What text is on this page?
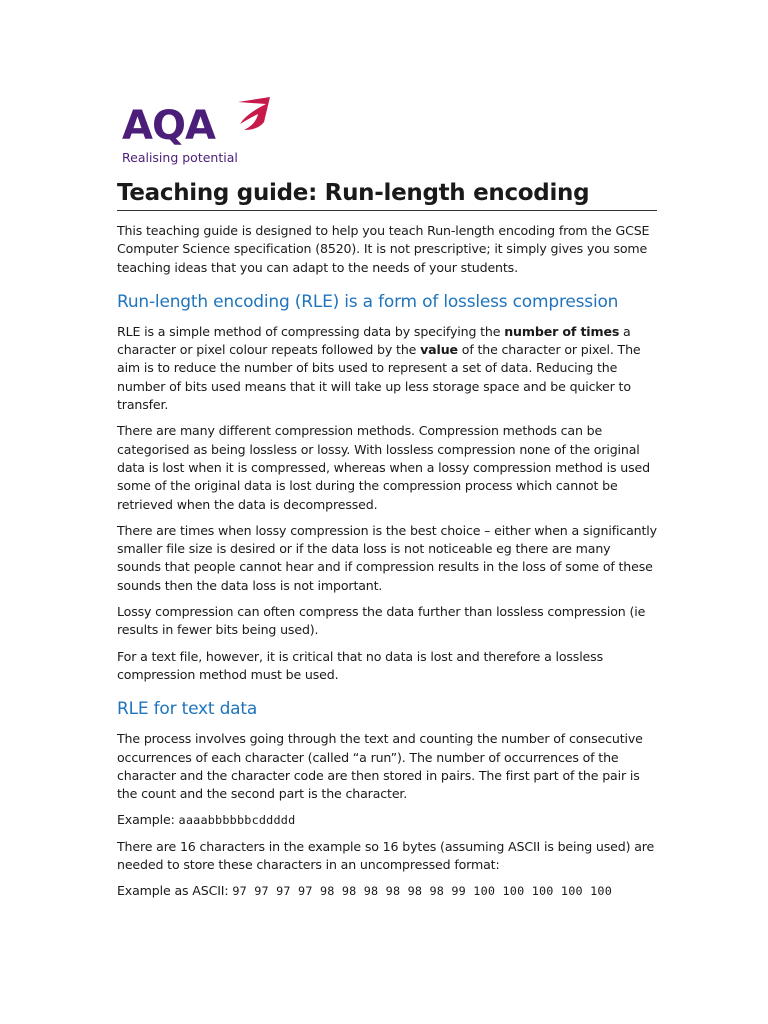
AQA
Realising potential
Teaching guide: Run-length encoding

This teaching guide is designed to help you teach Run-length encoding from the GCSE Computer Science specification (8520). It is not prescriptive; it simply gives you some teaching ideas that you can adapt to the needs of your students.

Run-length encoding (RLE) is a form of lossless compression

RLE is a simple method of compressing data by specifying the number of times a character or pixel colour repeats followed by the value of the character or pixel. The aim is to reduce the number of bits used to represent a set of data. Reducing the number of bits used means that it will take up less storage space and be quicker to transfer.

There are many different compression methods. Compression methods can be categorised as being lossless or lossy. With lossless compression none of the original data is lost when it is compressed, whereas when a lossy compression method is used some of the original data is lost during the compression process which cannot be retrieved when the data is decompressed.

There are times when lossy compression is the best choice – either when a significantly smaller file size is desired or if the data loss is not noticeable eg there are many sounds that people cannot hear and if compression results in the loss of some of these sounds then the data loss is not important.

Lossy compression can often compress the data further than lossless compression (ie results in fewer bits being used).

For a text file, however, it is critical that no data is lost and therefore a lossless compression method must be used.

RLE for text data

The process involves going through the text and counting the number of consecutive occurrences of each character (called “a run”). The number of occurrences of the character and the character code are then stored in pairs. The first part of the pair is the count and the second part is the character.

Example: aaaabbbbbbcddddd

There are 16 characters in the example so 16 bytes (assuming ASCII is being used) are needed to store these characters in an uncompressed format:

Example as ASCII: 97 97 97 97 98 98 98 98 98 98 99 100 100 100 100 100
